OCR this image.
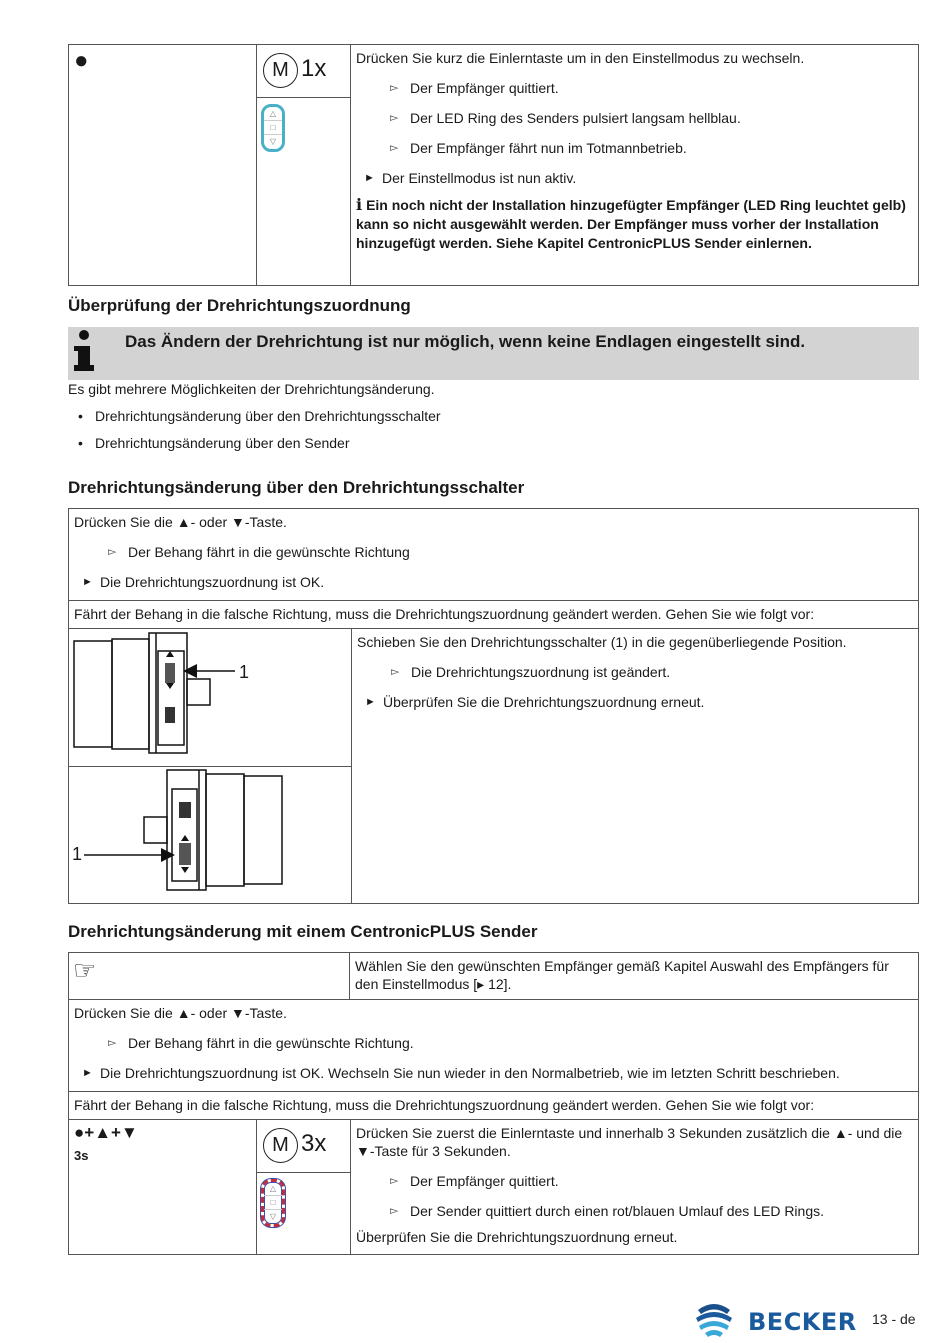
●	M 1x
△
□
▽

Drücken Sie kurz die Einlerntaste um in den Einstellmodus zu wechseln.
▻ Der Empfänger quittiert.
▻ Der LED Ring des Senders pulsiert langsam hellblau.
▻ Der Empfänger fährt nun im Totmannbetrieb.
► Der Einstellmodus ist nun aktiv.
i Ein noch nicht der Installation hinzugefügter Empfänger (LED Ring leuchtet gelb) kann so nicht ausgewählt werden. Der Empfänger muss vorher der Installation hinzugefügt werden. Siehe Kapitel CentronicPLUS Sender einlernen.
Überprüfung der Drehrichtungszuordnung
Das Ändern der Drehrichtung ist nur möglich, wenn keine Endlagen eingestellt sind.
Es gibt mehrere Möglichkeiten der Drehrichtungsänderung.
• Drehrichtungsänderung über den Drehrichtungsschalter
• Drehrichtungsänderung über den Sender
Drehrichtungsänderung über den Drehrichtungsschalter
Drücken Sie die ▲- oder ▼-Taste.
▻ Der Behang fährt in die gewünschte Richtung
► Die Drehrichtungszuordnung ist OK.

Fährt der Behang in die falsche Richtung, muss die Drehrichtungszuordnung geändert werden. Gehen Sie wie folgt vor:

1

Schieben Sie den Drehrichtungsschalter (1) in die gegenüberliegende Position.
▻ Die Drehrichtungszuordnung ist geändert.
► Überprüfen Sie die Drehrichtungszuordnung erneut.

1
Drehrichtungsänderung mit einem CentronicPLUS Sender
☞	Wählen Sie den gewünschten Empfänger gemäß Kapitel Auswahl des Empfängers für den Einstellmodus [▸ 12].

Drücken Sie die ▲- oder ▼-Taste.
▻ Der Behang fährt in die gewünschte Richtung.
► Die Drehrichtungszuordnung ist OK. Wechseln Sie nun wieder in den Normalbetrieb, wie im letzten Schritt beschrieben.

Fährt der Behang in die falsche Richtung, muss die Drehrichtungszuordnung geändert werden. Gehen Sie wie folgt vor:
●+▲+▼
3s	M 3x
△
□
▽

Drücken Sie zuerst die Einlerntaste und innerhalb 3 Sekunden zusätzlich die ▲- und die ▼-Taste für 3 Sekunden.
▻ Der Empfänger quittiert.
▻ Der Sender quittiert durch einen rot/blauen Umlauf des LED Rings.
Überprüfen Sie die Drehrichtungszuordnung erneut.
BECKER 13 - de
